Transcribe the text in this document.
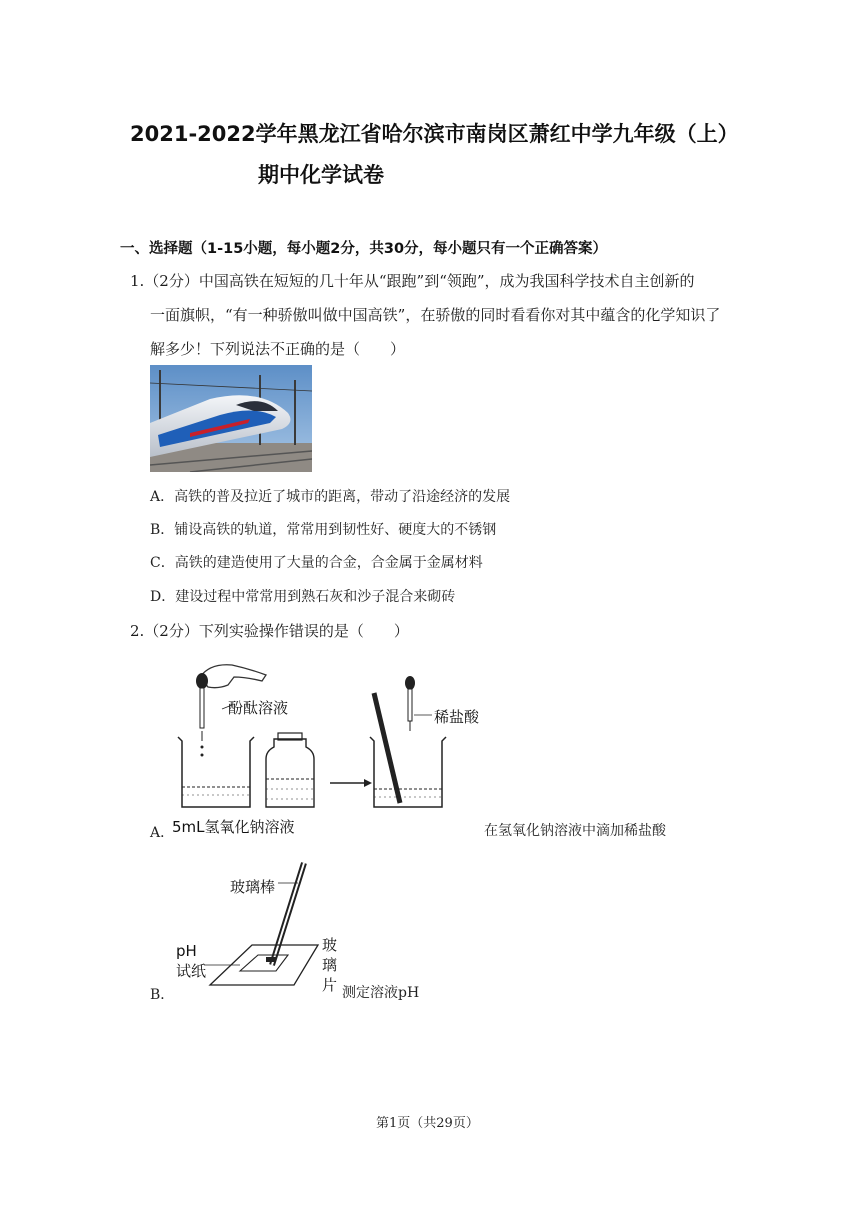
2021-2022学年黑龙江省哈尔滨市南岗区萧红中学九年级（上）
期中化学试卷
一、选择题（1-15小题，每小题2分，共30分，每小题只有一个正确答案）
1.（2分）中国高铁在短短的几十年从“跟跑”到“领跑”，成为我国科学技术自主创新的
一面旗帜，“有一种骄傲叫做中国高铁”，在骄傲的同时看看你对其中蕴含的化学知识了
解多少！下列说法不正确的是（　　）
A．高铁的普及拉近了城市的距离，带动了沿途经济的发展
B．铺设高铁的轨道，常常用到韧性好、硬度大的不锈钢
C．高铁的建造使用了大量的合金，合金属于金属材料
D．建设过程中常常用到熟石灰和沙子混合来砌砖
2.（2分）下列实验操作错误的是（　　）
酚酞溶液	稀盐酸
A．
5mL氢氧化钠溶液	在氢氧化钠溶液中滴加稀盐酸
玻璃棒
pH
试纸
玻
璃
片
B．	测定溶液pH
第1页（共29页）
